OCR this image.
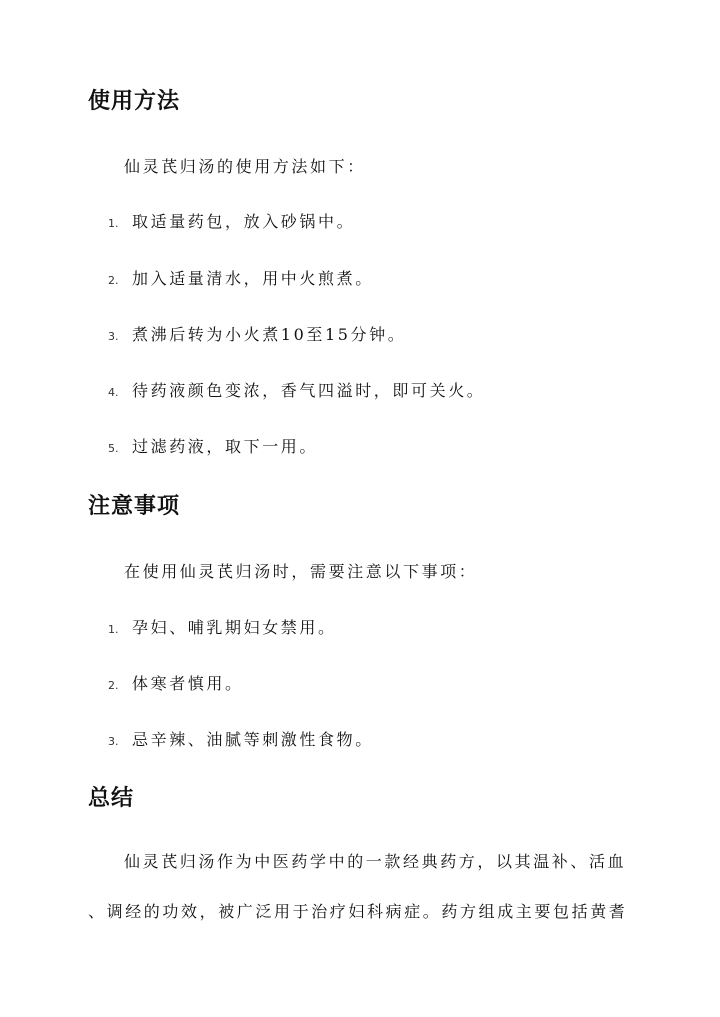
使用方法

仙灵芪归汤的使用方法如下：

1. 取适量药包，放入砂锅中。
2. 加入适量清水，用中火煎煮。
3. 煮沸后转为小火煮10至15分钟。
4. 待药液颜色变浓，香气四溢时，即可关火。
5. 过滤药液，取下一用。
注意事项

在使用仙灵芪归汤时，需要注意以下事项：

1. 孕妇、哺乳期妇女禁用。
2. 体寒者慎用。
3. 忌辛辣、油腻等刺激性食物。
总结

仙灵芪归汤作为中医药学中的一款经典药方，以其温补、活血

、调经的功效，被广泛用于治疗妇科病症。药方组成主要包括黄耆
